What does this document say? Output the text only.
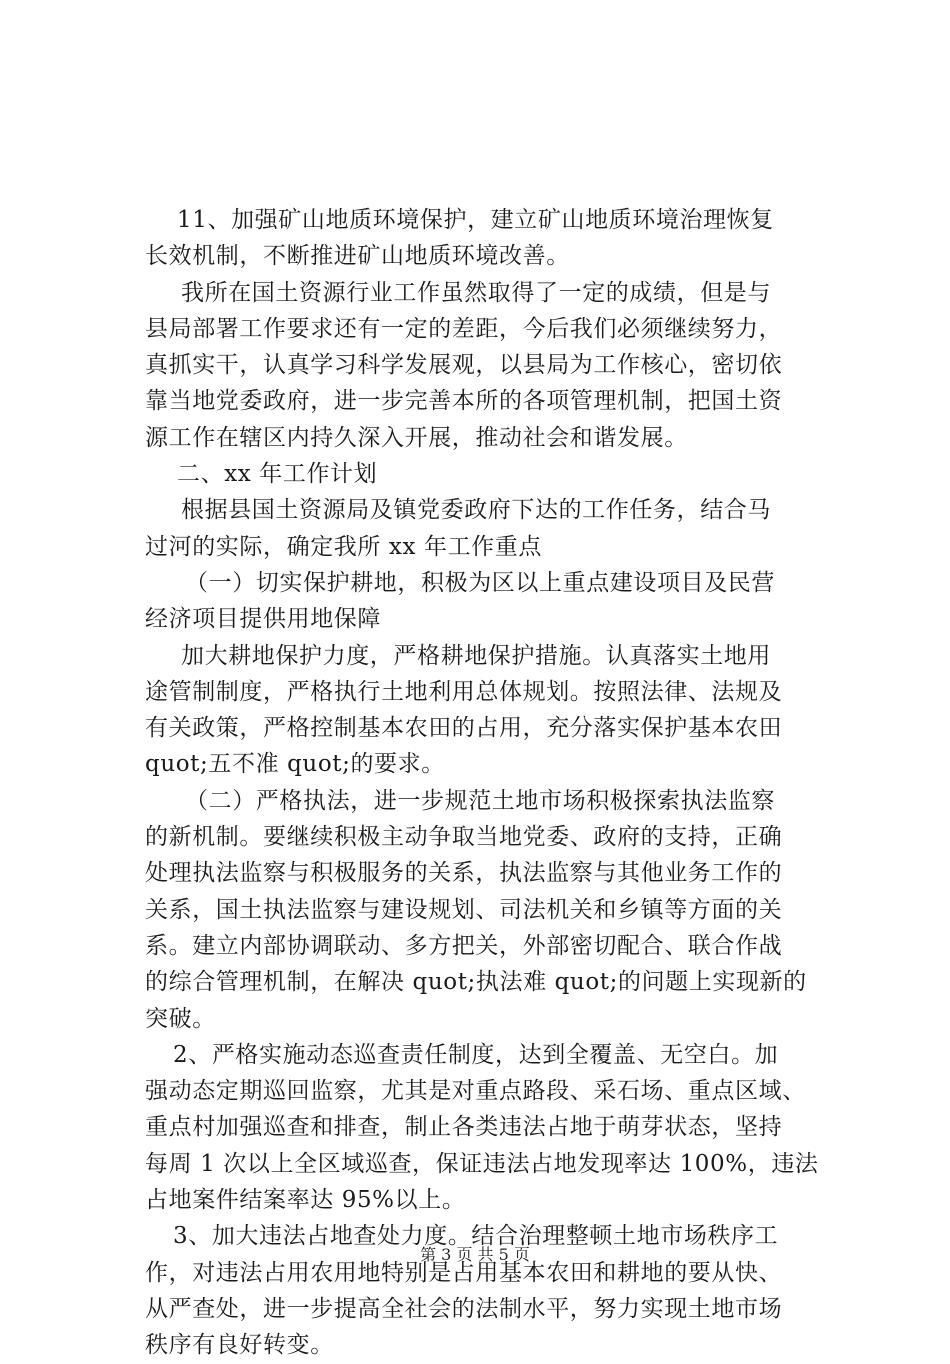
11、加强矿山地质环境保护，建立矿山地质环境治理恢复
长效机制，不断推进矿山地质环境改善。
我所在国土资源行业工作虽然取得了一定的成绩，但是与
县局部署工作要求还有一定的差距，今后我们必须继续努力，
真抓实干，认真学习科学发展观，以县局为工作核心，密切依
靠当地党委政府，进一步完善本所的各项管理机制，把国土资
源工作在辖区内持久深入开展，推动社会和谐发展。
二、xx 年工作计划
根据县国土资源局及镇党委政府下达的工作任务，结合马
过河的实际，确定我所 xx 年工作重点
（一）切实保护耕地，积极为区以上重点建设项目及民营
经济项目提供用地保障
加大耕地保护力度，严格耕地保护措施。认真落实土地用
途管制制度，严格执行土地利用总体规划。按照法律、法规及
有关政策，严格控制基本农田的占用，充分落实保护基本农田
quot;五不准 quot;的要求。
（二）严格执法，进一步规范土地市场积极探索执法监察
的新机制。要继续积极主动争取当地党委、政府的支持，正确
处理执法监察与积极服务的关系，执法监察与其他业务工作的
关系，国土执法监察与建设规划、司法机关和乡镇等方面的关
系。建立内部协调联动、多方把关，外部密切配合、联合作战
的综合管理机制，在解决 quot;执法难 quot;的问题上实现新的
突破。
2、严格实施动态巡查责任制度，达到全覆盖、无空白。加
强动态定期巡回监察，尤其是对重点路段、采石场、重点区域、
重点村加强巡查和排查，制止各类违法占地于萌芽状态，坚持
每周 1 次以上全区域巡查，保证违法占地发现率达 100%，违法
占地案件结案率达 95%以上。
3、加大违法占地查处力度。结合治理整顿土地市场秩序工
作，对违法占用农用地特别是占用基本农田和耕地的要从快、
从严查处，进一步提高全社会的法制水平，努力实现土地市场
秩序有良好转变。
第 3 页 共 5 页
